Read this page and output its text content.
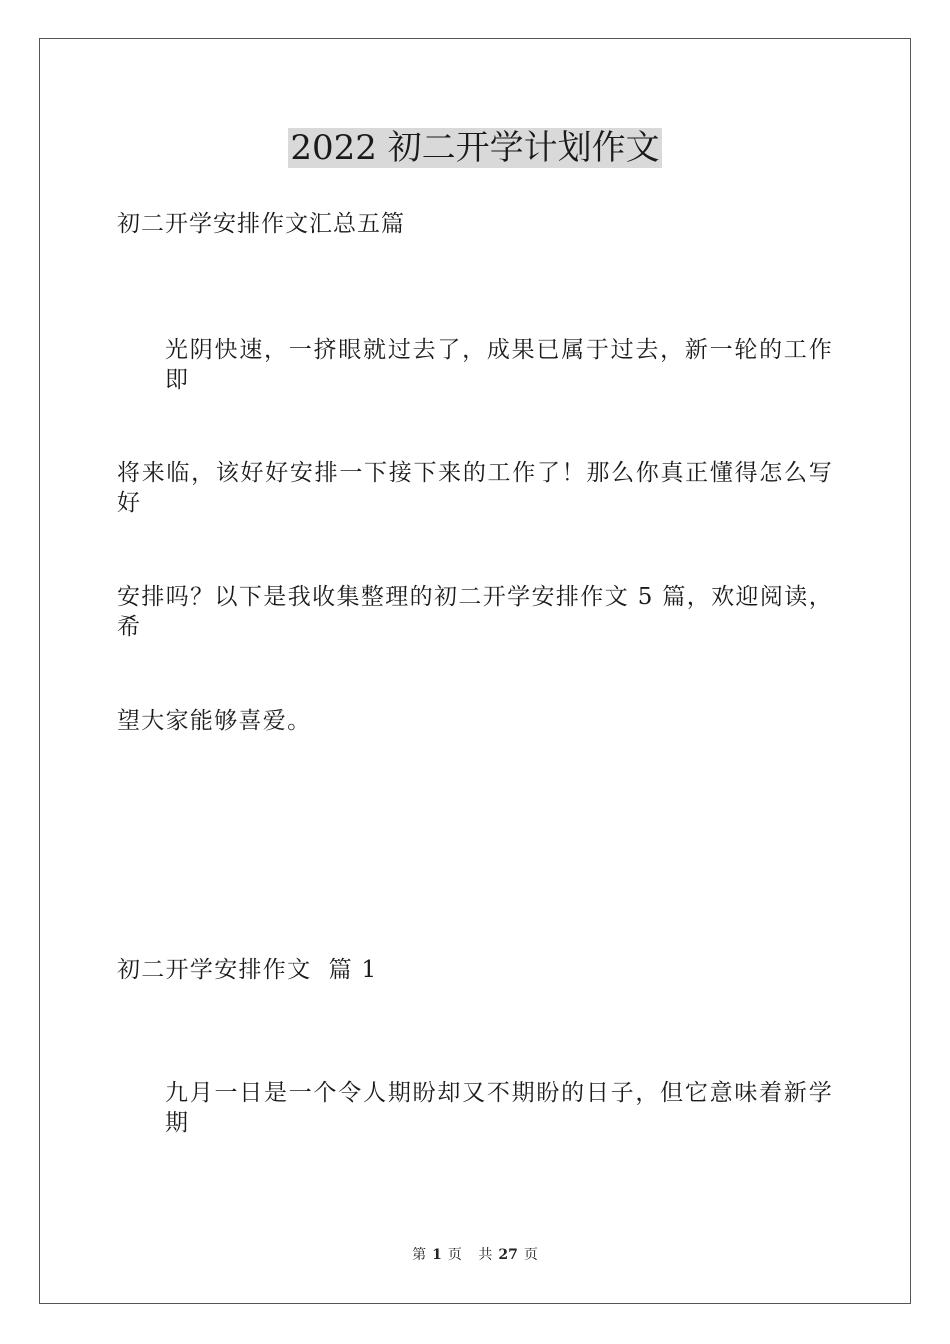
2022 初二开学计划作文
初二开学安排作文汇总五篇
光阴快速，一挤眼就过去了，成果已属于过去，新一轮的工作即
将来临，该好好安排一下接下来的工作了！那么你真正懂得怎么写好
安排吗？以下是我收集整理的初二开学安排作文 5 篇，欢迎阅读，希
望大家能够喜爱。
初二开学安排作文  篇 1
九月一日是一个令人期盼却又不期盼的日子，但它意味着新学期
第 1 页 共 27 页
